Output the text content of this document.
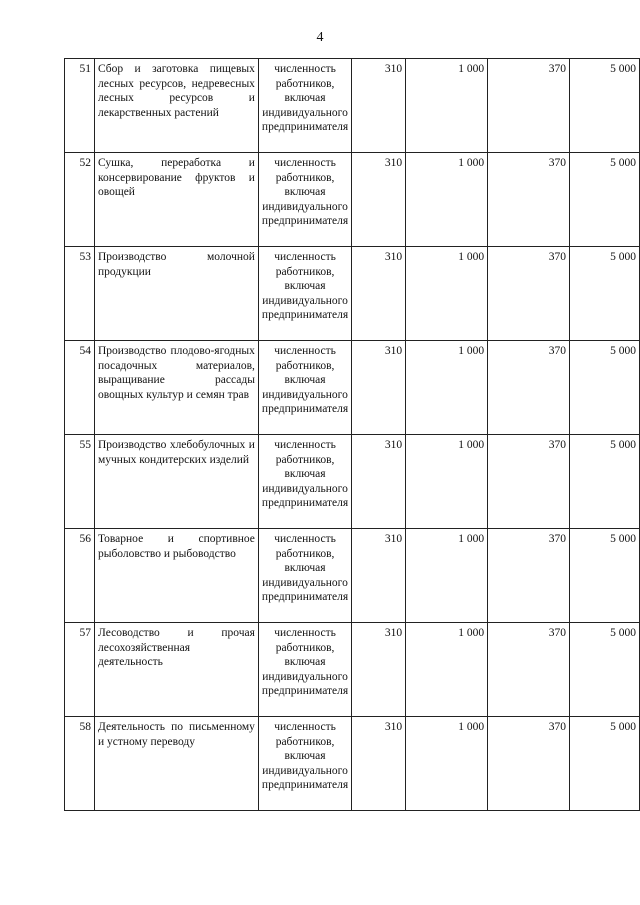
4
51	Сбор и заготовка пищевых лесных ресурсов, недревесных лесных ресурсов и лекарственных растений	численность работников, включая индивидуального предпринимателя	310	1 000	370	5 000
52	Сушка, переработка и консервирование фруктов и овощей	численность работников, включая индивидуального предпринимателя	310	1 000	370	5 000
53	Производство молочной продукции	численность работников, включая индивидуального предпринимателя	310	1 000	370	5 000
54	Производство плодово-ягодных посадочных материалов, выращивание рассады овощных культур и семян трав	численность работников, включая индивидуального предпринимателя	310	1 000	370	5 000
55	Производство хлебобулочных и мучных кондитерских изделий	численность работников, включая индивидуального предпринимателя	310	1 000	370	5 000
56	Товарное и спортивное рыболовство и рыбоводство	численность работников, включая индивидуального предпринимателя	310	1 000	370	5 000
57	Лесоводство и прочая лесохозяйственная деятельность	численность работников, включая индивидуального предпринимателя	310	1 000	370	5 000
58	Деятельность по письменному и устному переводу	численность работников, включая индивидуального предпринимателя	310	1 000	370	5 000
